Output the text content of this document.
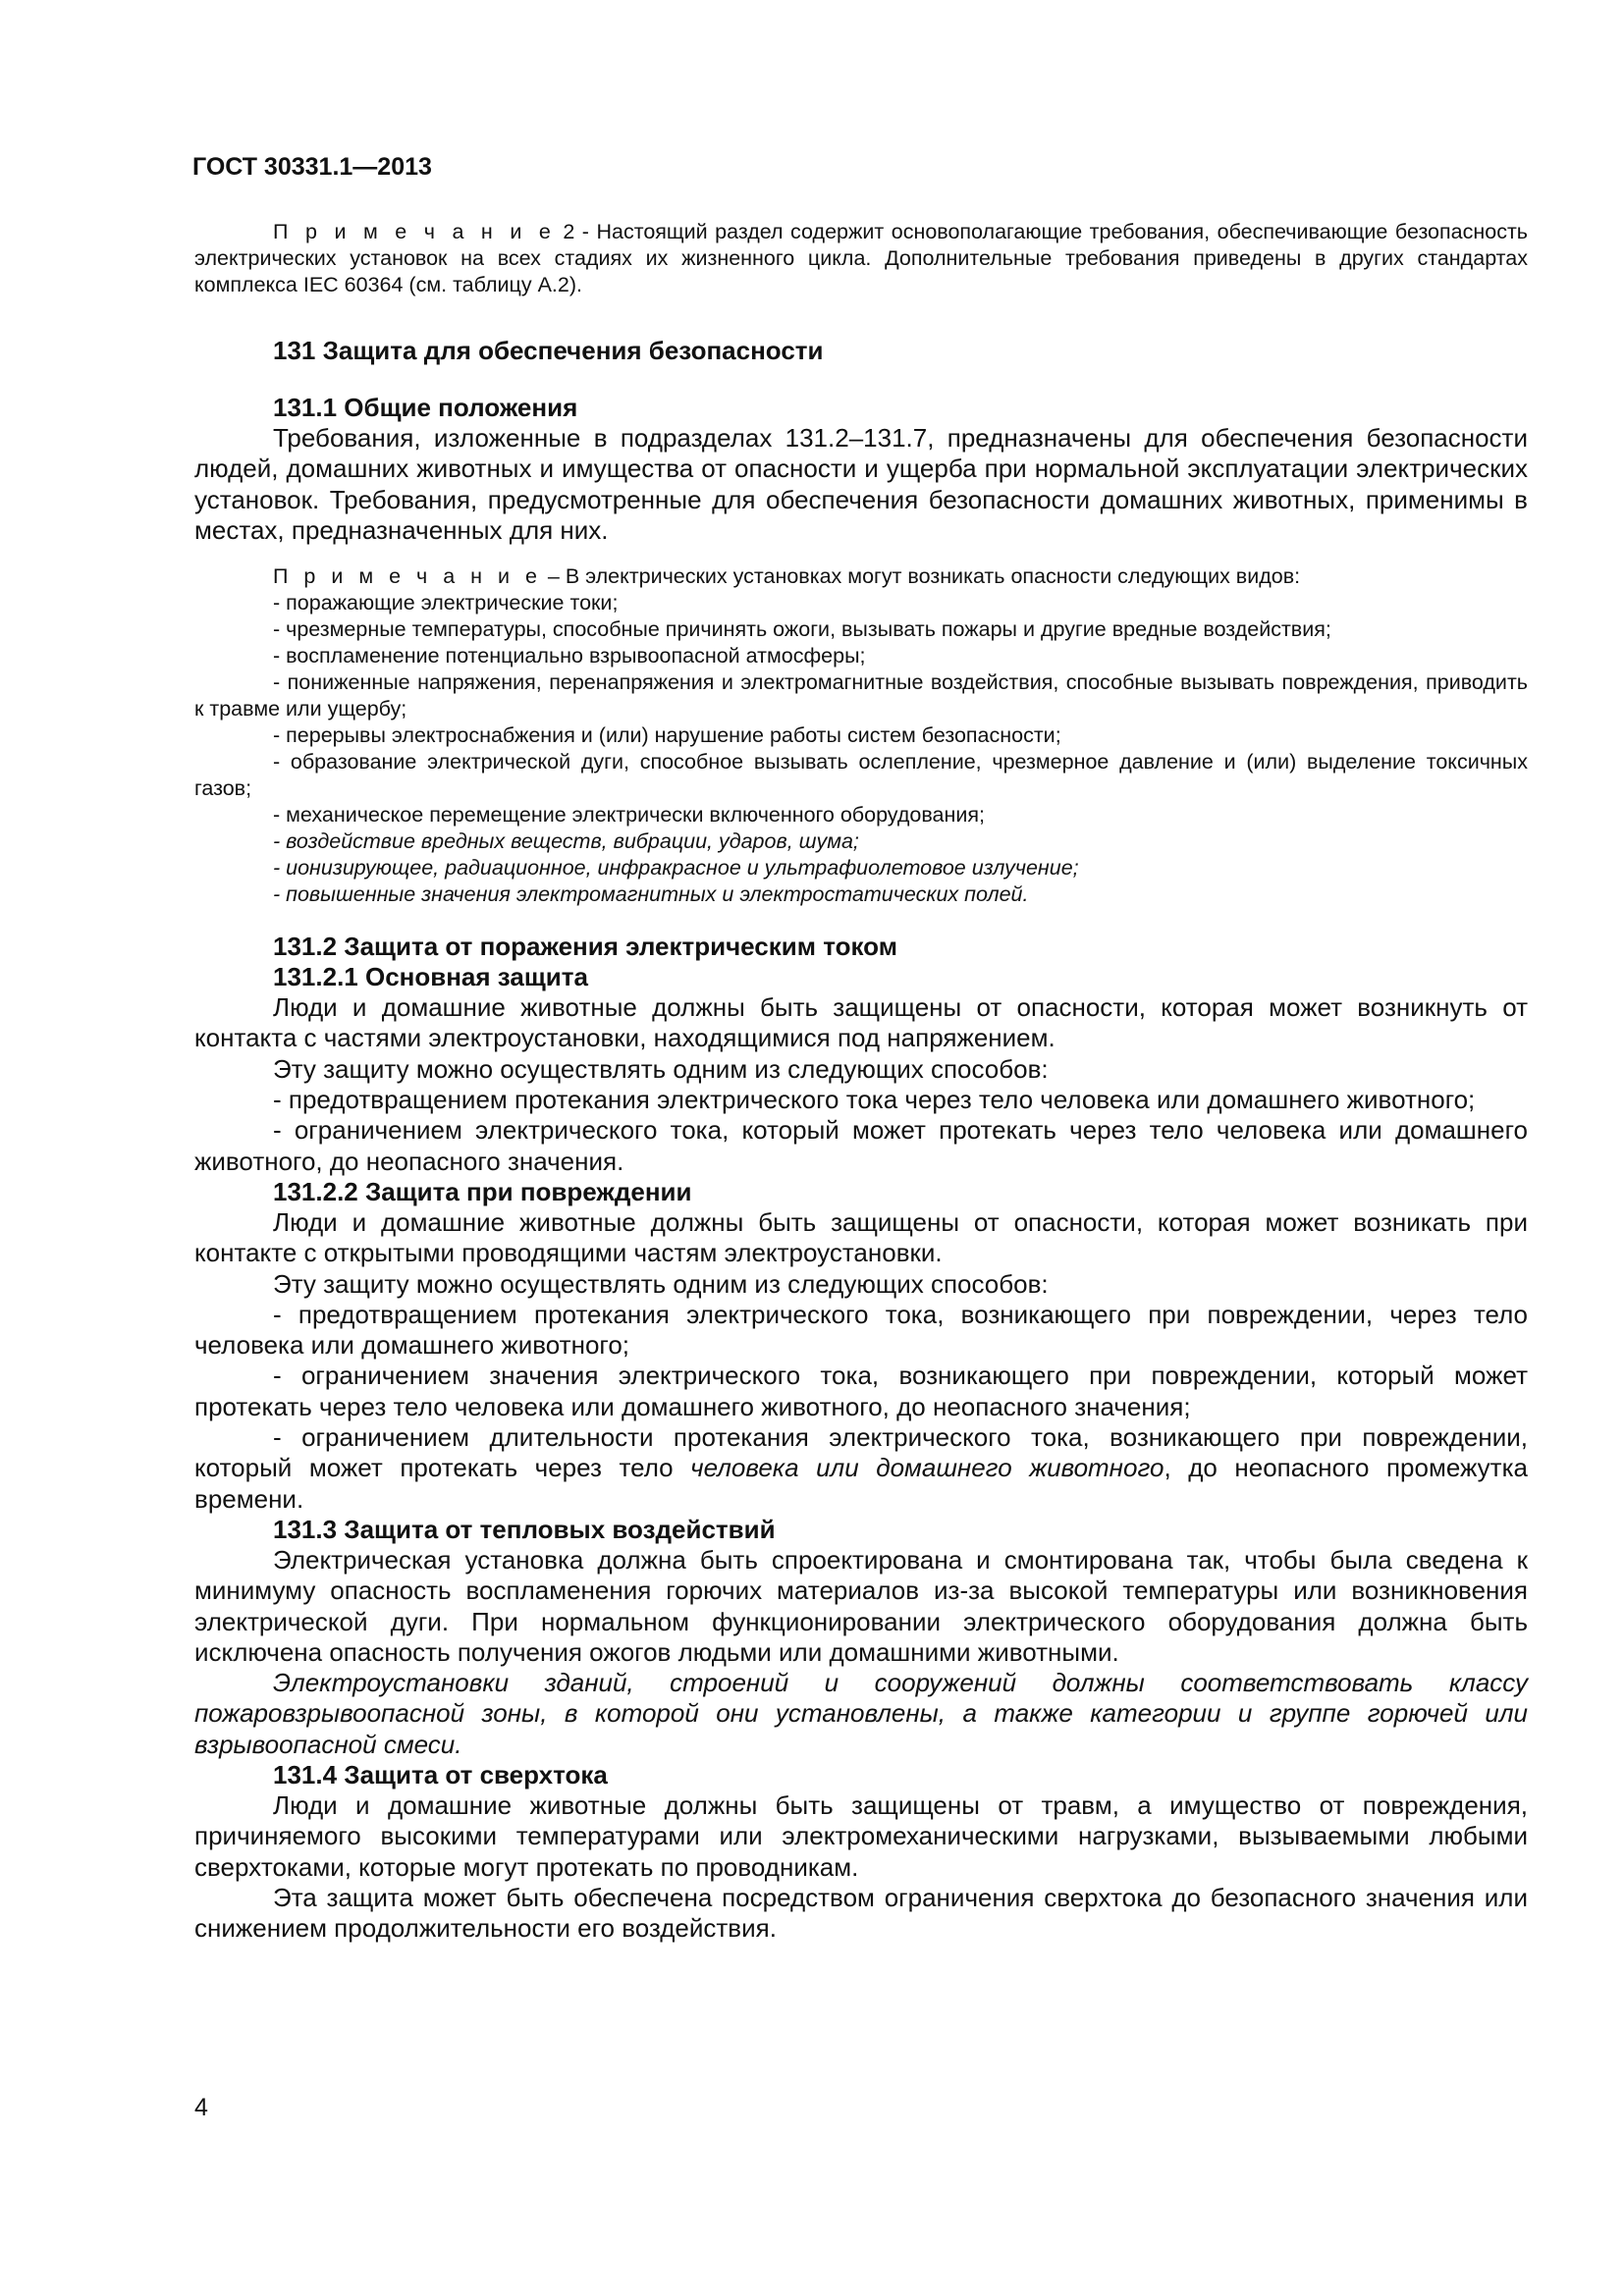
ГОСТ 30331.1—2013

П р и м е ч а н и е 2 - Настоящий раздел содержит основополагающие требования, обеспечивающие безопасность электрических установок на всех стадиях их жизненного цикла. Дополнительные требования приведены в других стандартах комплекса IEC 60364 (см. таблицу А.2).

131 Защита для обеспечения безопасности
131.1 Общие положения

Требования, изложенные в подразделах 131.2–131.7, предназначены для обеспечения безопасности людей, домашних животных и имущества от опасности и ущерба при нормальной эксплуатации электрических установок. Требования, предусмотренные для обеспечения безопасности домашних животных, применимы в местах, предназначенных для них.

П р и м е ч а н и е – В электрических установках могут возникать опасности следующих видов:

- поражающие электрические токи;

- чрезмерные температуры, способные причинять ожоги, вызывать пожары и другие вредные воздействия;

- воспламенение потенциально взрывоопасной атмосферы;

- пониженные напряжения, перенапряжения и электромагнитные воздействия, способные вызывать повреждения, приводить к травме или ущербу;

- перерывы электроснабжения и (или) нарушение работы систем безопасности;

- образование электрической дуги, способное вызывать ослепление, чрезмерное давление и (или) выделение токсичных газов;

- механическое перемещение электрически включенного оборудования;

- воздействие вредных веществ, вибрации, ударов, шума;

- ионизирующее, радиационное, инфракрасное и ультрафиолетовое излучение;

- повышенные значения электромагнитных и электростатических полей.

131.2 Защита от поражения электрическим током
131.2.1 Основная защита

Люди и домашние животные должны быть защищены от опасности, которая может возникнуть от контакта с частями электроустановки, находящимися под напряжением.

Эту защиту можно осуществлять одним из следующих способов:

- предотвращением протекания электрического тока через тело человека или домашнего животного;

- ограничением электрического тока, который может протекать через тело человека или домашнего животного, до неопасного значения.

131.2.2 Защита при повреждении

Люди и домашние животные должны быть защищены от опасности, которая может возникать при контакте с открытыми проводящими частям электроустановки.

Эту защиту можно осуществлять одним из следующих способов:

- предотвращением протекания электрического тока, возникающего при повреждении, через тело человека или домашнего животного;

- ограничением значения электрического тока, возникающего при повреждении, который может протекать через тело человека или домашнего животного, до неопасного значения;

- ограничением длительности протекания электрического тока, возникающего при повреждении, который может протекать через тело человека или домашнего животного, до неопасного промежутка времени.

131.3 Защита от тепловых воздействий

Электрическая установка должна быть спроектирована и смонтирована так, чтобы была сведена к минимуму опасность воспламенения горючих материалов из-за высокой температуры или возникновения электрической дуги. При нормальном функционировании электрического оборудования должна быть исключена опасность получения ожогов людьми или домашними животными.

Электроустановки зданий, строений и сооружений должны соответствовать классу пожаровзрывоопасной зоны, в которой они установлены, а также категории и группе горючей или взрывоопасной смеси.

131.4 Защита от сверхтока

Люди и домашние животные должны быть защищены от травм, а имущество от повреждения, причиняемого высокими температурами или электромеханическими нагрузками, вызываемыми любыми сверхтоками, которые могут протекать по проводникам.

Эта защита может быть обеспечена посредством ограничения сверхтока до безопасного значения или снижением продолжительности его воздействия.

4
